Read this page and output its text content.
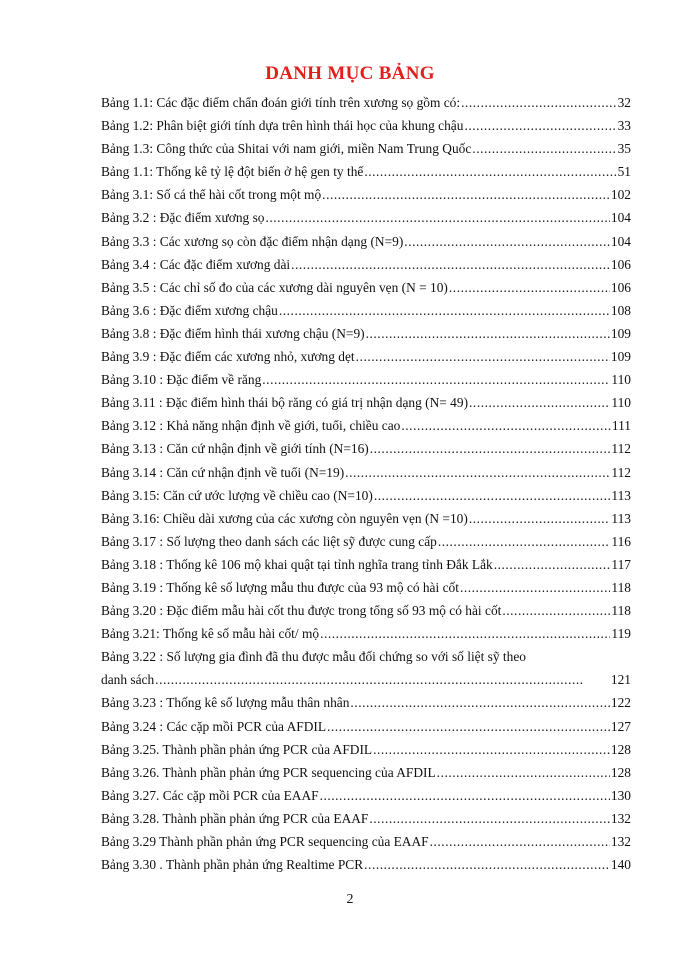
DANH MỤC BẢNG
Bảng 1.1: Các đặc điểm chẩn đoán giới tính trên xương sọ gồm có: . . .	32
Bảng 1.2: Phân biệt giới tính dựa trên hình thái học của khung chậu . . .	33
Bảng 1.3: Công thức của Shitai với nam giới, miền Nam Trung Quốc . . .	35
Bảng 1.1: Thống kê tỷ lệ đột biến ở hệ gen ty thể . . .	51
Bảng 3.1: Số cá thể hài cốt trong một mộ . . .	102
Bảng 3.2 : Đặc điểm xương sọ . . .	104
Bảng 3.3 : Các xương sọ còn đặc điểm nhận dạng (N=9) . . .	104
Bảng 3.4 : Các đặc điểm xương dài . . .	106
Bảng 3.5 : Các chỉ số đo của các xương dài nguyên vẹn (N = 10) . . .	106
Bảng 3.6 : Đặc điểm xương chậu . . .	108
Bảng 3.8 : Đặc điểm hình thái xương chậu (N=9) . . .	109
Bảng 3.9 : Đặc điểm các xương nhỏ, xương dẹt . . .	109
Bảng 3.10 : Đặc điểm về răng . . .	110
Bảng 3.11 : Đặc điểm hình thái bộ răng có giá trị nhận dạng (N= 49) . . .	110
Bảng 3.12 : Khả năng nhận định về giới, tuổi, chiều cao . . .	111
Bảng 3.13 : Căn cứ nhận định về giới tính (N=16) . . .	112
Bảng 3.14 : Căn cứ nhận định về tuổi (N=19) . . .	112
Bảng 3.15: Căn cứ ước lượng về chiều cao (N=10) . . .	113
Bảng 3.16: Chiều dài xương của các xương còn nguyên vẹn (N =10) . . .	113
Bảng 3.17 : Số lượng theo danh sách các liệt sỹ được cung cấp . . .	116
Bảng 3.18 : Thống kê 106 mộ khai quật tại tỉnh nghĩa trang tỉnh Đắk Lắk . . .	117
Bảng 3.19 : Thống kê số lượng mẫu thu được của 93 mộ có hài cốt . . .	118
Bảng 3.20 : Đặc điểm mẫu hài cốt thu được trong tổng số 93 mộ có hài cốt . . .	118
Bảng 3.21: Thống kê số mẫu hài cốt/ mộ . . .	119
Bảng 3.22 : Số lượng gia đình đã thu được mẫu đối chứng so với số liệt sỹ theo
danh sách . . .	121
Bảng 3.23 : Thống kê số lượng mẫu thân nhân . . .	122
Bảng 3.24 : Các cặp mồi PCR của AFDIL . . .	127
Bảng 3.25. Thành phần phản ứng PCR của AFDIL . . .	128
Bảng 3.26. Thành phần phản ứng PCR sequencing của AFDIL . . .	128
Bảng 3.27. Các cặp mồi PCR của EAAF . . .	130
Bảng 3.28. Thành phần phản ứng PCR của EAAF . . .	132
Bảng 3.29 Thành phần phản ứng PCR sequencing của EAAF . . .	132
Bảng 3.30 . Thành phần phản ứng Realtime PCR . . .	140
2
